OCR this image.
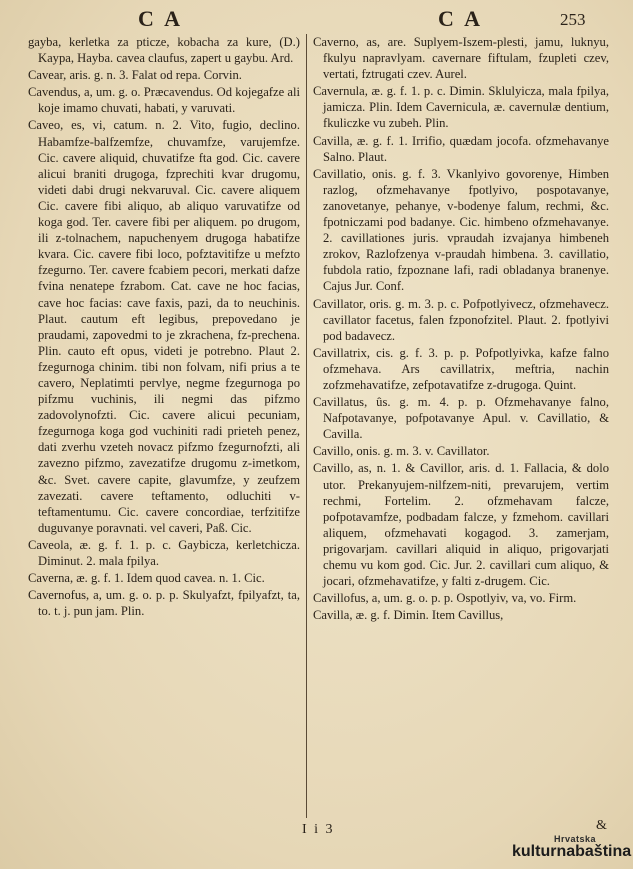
C A	C A	253

gayba, kerletka za pticze, kobacha za kure, (D.) Kaypa, Hayba. cavea claufus, zapert u gaybu. Ard.

Cavear, aris. g. n. 3. Falat od repa. Corvin.

Cavendus, a, um. g. o. Præcavendus. Od kojegafze ali koje imamo chuvati, habati, y varuvati.

Caveo, es, vi, catum. n. 2. Vito, fugio, declino. Habamfze-balfzemfze, chuvamfze, varujemfze. Cic. cavere aliquid, chuvatifze fta god. Cic. cavere alicui braniti drugoga, fzprechiti kvar drugomu, videti dabi drugi nekvaruval. Cic. cavere aliquem Cic. cavere fibi aliquo, ab aliquo varuvatifze od koga god. Ter. cavere fibi per aliquem. po drugom, ili z-tolnachem, napuchenyem drugoga habatifze kvara. Cic. cavere fibi loco, pofztavitifze u mefzto fzegurno. Ter. cavere fcabiem pecori, merkati dafze fvina nenatepe fzrabom. Cat. cave ne hoc facias, cave hoc facias: cave faxis, pazi, da to neuchinis. Plaut. cautum eft legibus, prepovedano je praudami, zapovedmi to je zkrachena, fz-prechena. Plin. cauto eft opus, videti je potrebno. Plaut 2. fzegurnoga chinim. tibi non folvam, nifi prius a te cavero, Neplatimti pervlye, negme fzegurnoga po pifzmu vuchinis, ili negmi das pifzmo zadovolynofzti. Cic. cavere alicui pecuniam, fzegurnoga koga god vuchiniti radi prieteh penez, dati zverhu vzeteh novacz pifzmo fzegurnofzti, ali zavezno pifzmo, zavezatifze drugomu z-imetkom, &c. Svet. cavere capite, glavumfze, y zeufzem zavezati. cavere teftamento, odluchiti v-teftamentumu. Cic. cavere concordiae, terfzitifze duguvanye poravnati. vel caveri, Paß. Cic.

Caveola, æ. g. f. 1. p. c. Gaybicza, kerletchicza. Diminut. 2. mala fpilya.

Caverna, æ. g. f. 1. Idem quod cavea. n. 1. Cic.

Cavernofus, a, um. g. o. p. p. Skulyafzt, fpilyafzt, ta, to. t. j. pun jam. Plin.

Caverno, as, are. Suplyem-Iszem-plesti, jamu, luknyu, fkulyu napravlyam. cavernare fiftulam, fzupleti czev, vertati, fztrugati czev. Aurel.

Cavernula, æ. g. f. 1. p. c. Dimin. Sklulyicza, mala fpilya, jamicza. Plin. Idem Cavernicula, æ. cavernulæ dentium, fkuliczke vu zubeh. Plin.

Cavilla, æ. g. f. 1. Irrifio, quædam jocofa. ofzmehavanye Salno. Plaut.

Cavillatio, onis. g. f. 3. Vkanlyivo govorenye, Himben razlog, ofzmehavanye fpotlyivo, pospotavanye, zanovetanye, pehanye, v-bodenye falum, rechmi, &c. fpotniczami pod badanye. Cic. himbeno ofzmehavanye. 2. cavillationes juris. vpraudah izvajanya himbeneh zrokov, Razlofzenya v-praudah himbena. 3. cavillatio, fubdola ratio, fzpoznane lafi, radi obladanya branenye. Cajus Jur. Conf.

Cavillator, oris. g. m. 3. p. c. Pofpotlyivecz, ofzmehavecz. cavillator facetus, falen fzponofzitel. Plaut. 2. fpotlyivi pod badavecz.

Cavillatrix, cis. g. f. 3. p. p. Pofpotlyivka, kafze falno ofzmehava. Ars cavillatrix, meftria, nachin zofzmehavatifze, zefpotavatifze z-drugoga. Quint.

Cavillatus, ûs. g. m. 4. p. p. Ofzmehavanye falno, Nafpotavanye, pofpotavanye Apul. v. Cavillatio, & Cavilla.

Cavillo, onis. g. m. 3. v. Cavillator.

Cavillo, as, n. 1. & Cavillor, aris. d. 1. Fallacia, & dolo utor. Prekanyujem-nilfzem-niti, prevarujem, vertim rechmi, Fortelim. 2. ofzmehavam falcze, pofpotavamfze, podbadam falcze, y fzmehom. cavillari aliquem, ofzmehavati kogagod. 3. zamerjam, prigovarjam. cavillari aliquid in aliquo, prigovarjati chemu vu kom god. Cic. Jur. 2. cavillari cum aliquo, & jocari, ofzmehavatifze, y falti z-drugem. Cic.

Cavillofus, a, um. g. o. p. p. Ospotlyiv, va, vo. Firm.

Cavilla, æ. g. f. Dimin. Item Cavillus,

I i 3	&
Hrvatska
kulturnabaština
